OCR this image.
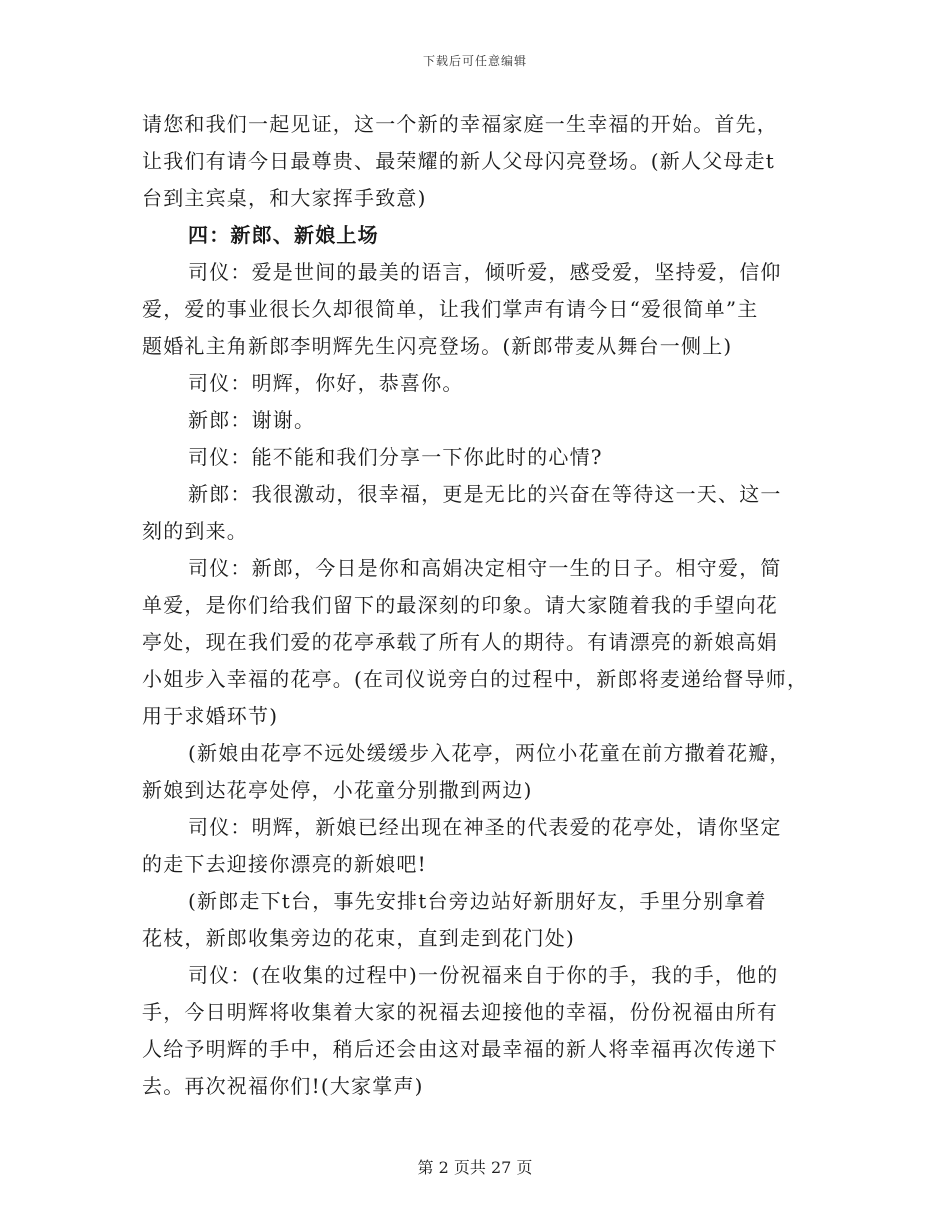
下载后可任意编辑
请您和我们一起见证，这一个新的幸福家庭一生幸福的开始。首先，
让我们有请今日最尊贵、最荣耀的新人父母闪亮登场。(新人父母走t
台到主宾桌，和大家挥手致意)
四：新郎、新娘上场
司仪：爱是世间的最美的语言，倾听爱，感受爱，坚持爱，信仰
爱，爱的事业很长久却很简单，让我们掌声有请今日“爱很简单”主
题婚礼主角新郎李明辉先生闪亮登场。(新郎带麦从舞台一侧上)
司仪：明辉，你好，恭喜你。
新郎：谢谢。
司仪：能不能和我们分享一下你此时的心情?
新郎：我很激动，很幸福，更是无比的兴奋在等待这一天、这一
刻的到来。
司仪：新郎，今日是你和高娟决定相守一生的日子。相守爱，简
单爱，是你们给我们留下的最深刻的印象。请大家随着我的手望向花
亭处，现在我们爱的花亭承载了所有人的期待。有请漂亮的新娘高娟
小姐步入幸福的花亭。(在司仪说旁白的过程中，新郎将麦递给督导师，
用于求婚环节)
(新娘由花亭不远处缓缓步入花亭，两位小花童在前方撒着花瓣，
新娘到达花亭处停，小花童分别撒到两边)
司仪：明辉，新娘已经出现在神圣的代表爱的花亭处，请你坚定
的走下去迎接你漂亮的新娘吧!
(新郎走下t台，事先安排t台旁边站好新朋好友，手里分别拿着
花枝，新郎收集旁边的花束，直到走到花门处)
司仪：(在收集的过程中)一份祝福来自于你的手，我的手，他的
手，今日明辉将收集着大家的祝福去迎接他的幸福，份份祝福由所有
人给予明辉的手中，稍后还会由这对最幸福的新人将幸福再次传递下
去。再次祝福你们!(大家掌声)
第 2 页共 27 页
